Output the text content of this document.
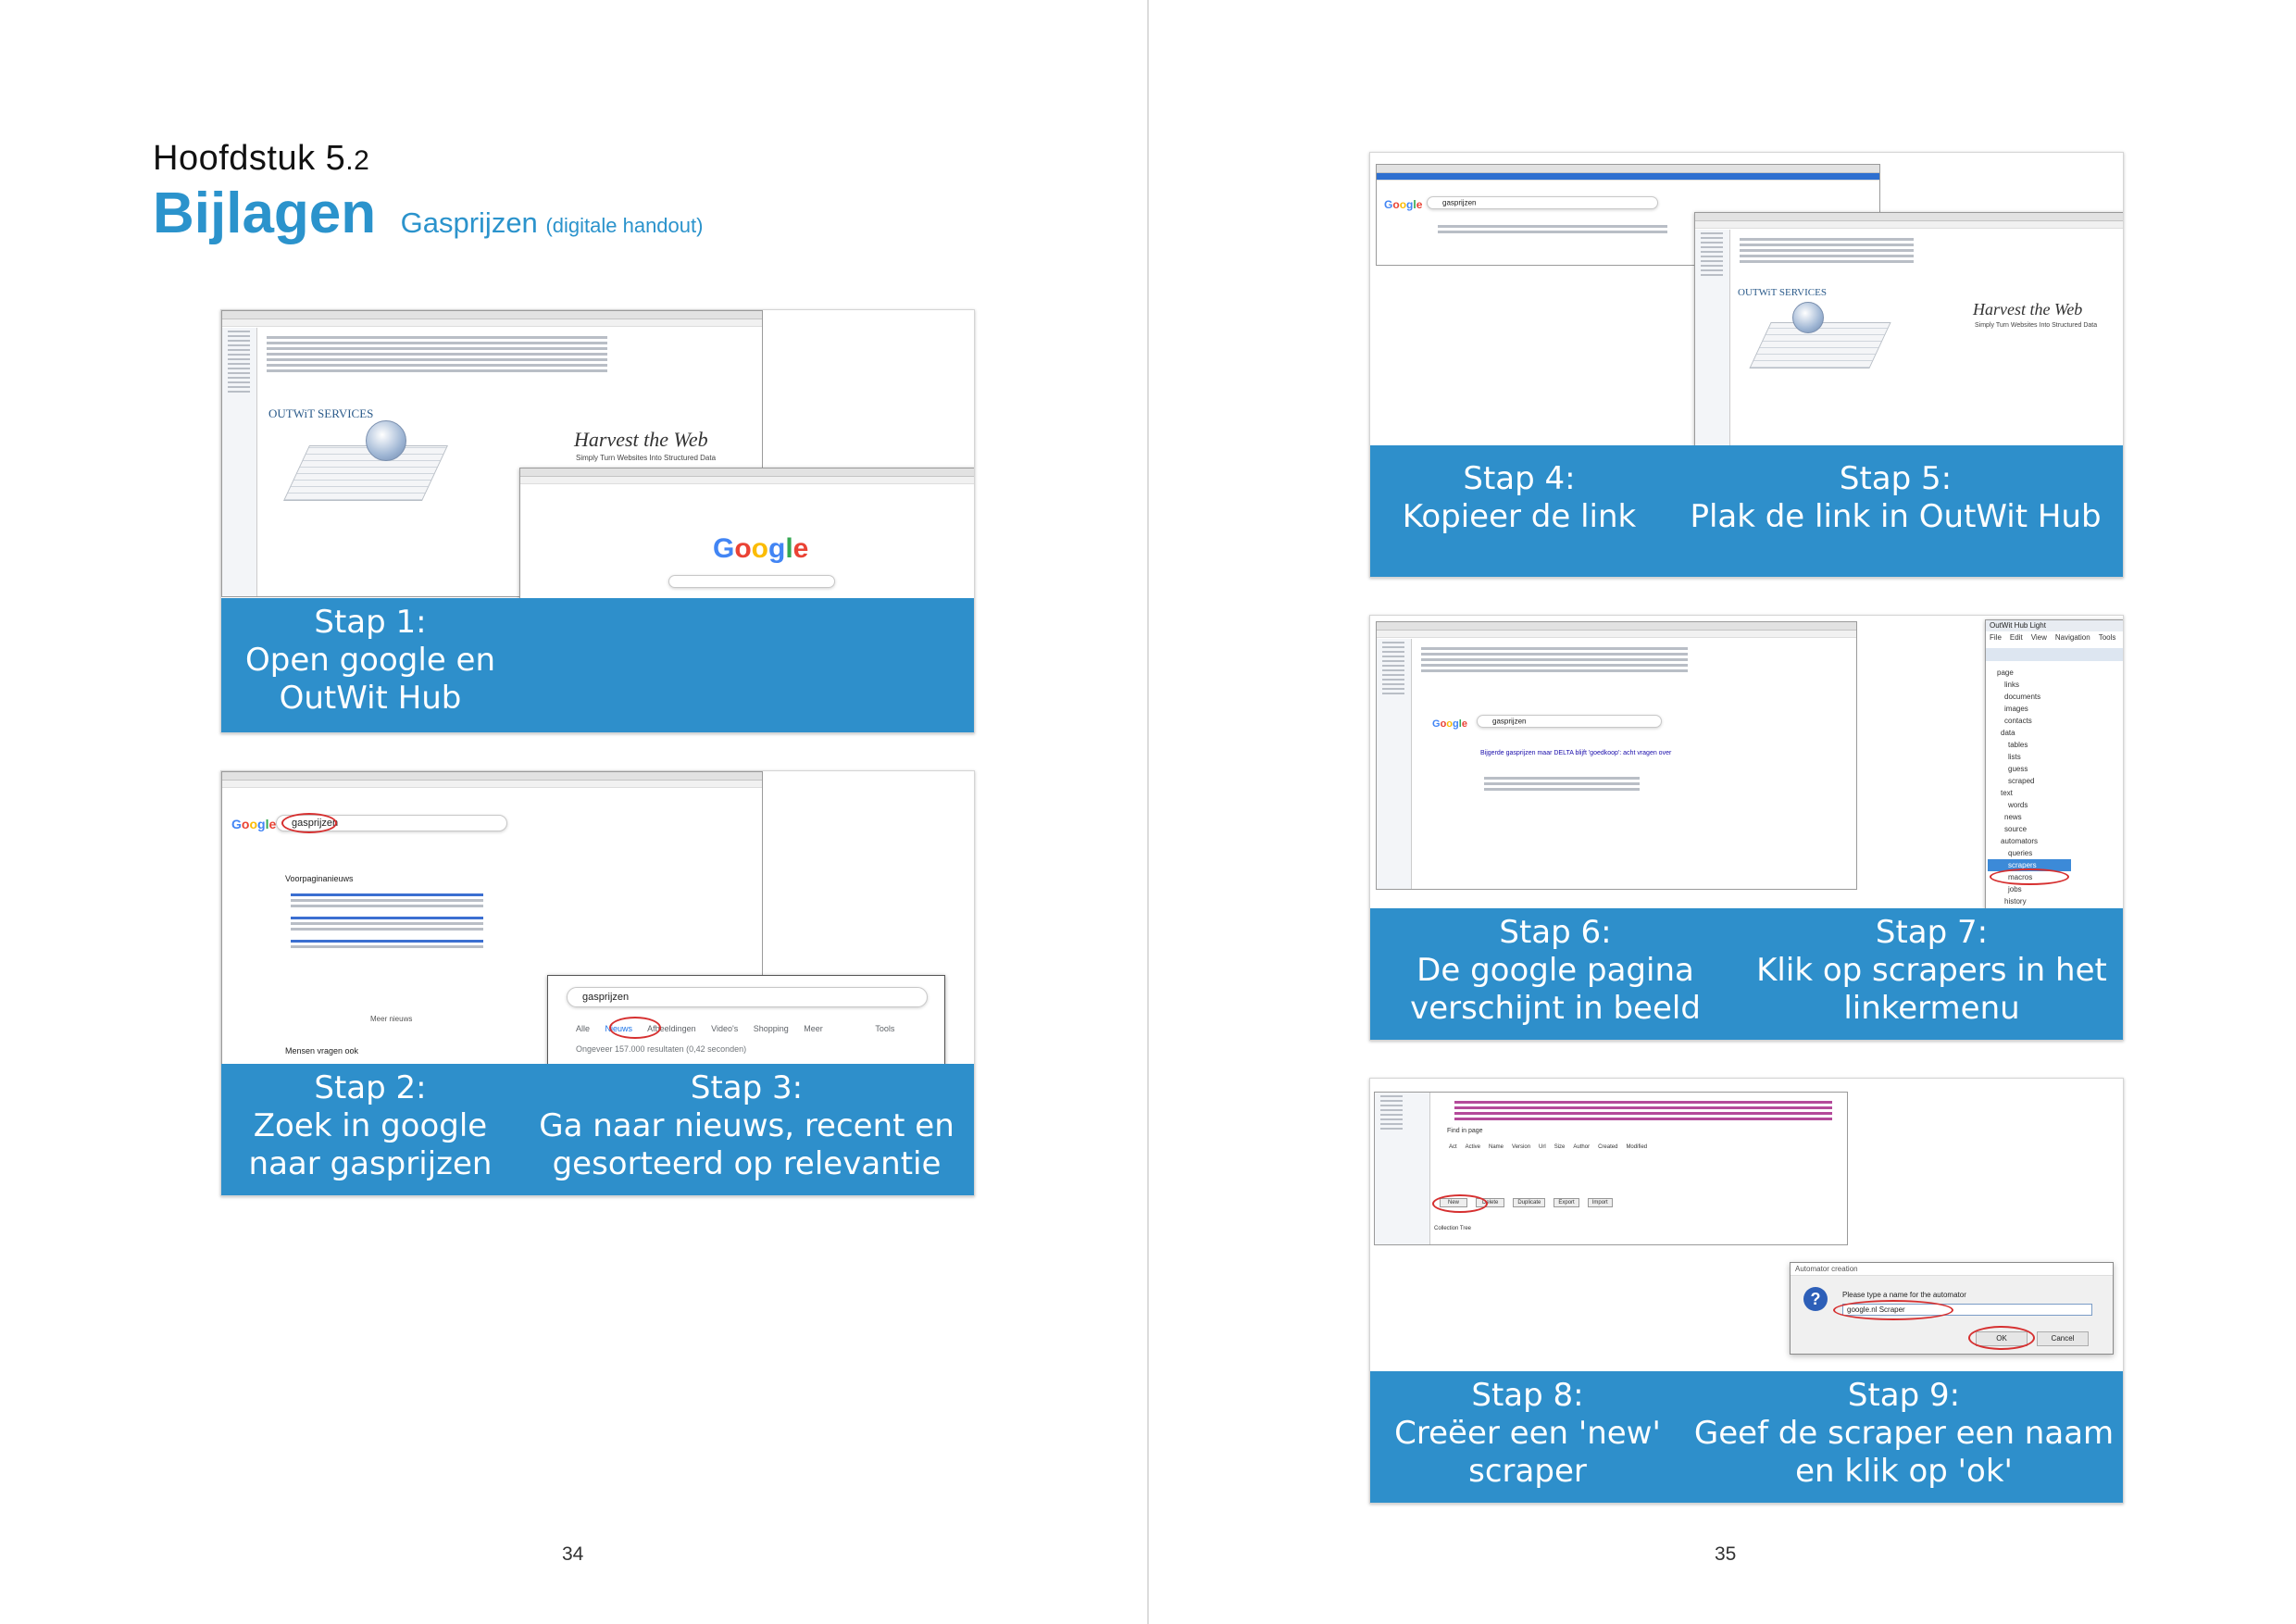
Hoofdstuk 5.2
Bijlagen Gasprijzen (digitale handout)
OUTWiT SERVICES
Harvest the Web
Simply Turn Websites Into Structured Data
Google
Stap 1:
Open google en
OutWit Hub
Google gasprijzen
Voorpaginanieuws
Meer nieuws
Mensen vragen ook
gasprijzen
Alle Nieuws Afbeeldingen Video's Shopping Meer	Tools
Ongeveer 157.000 resultaten (0,42 seconden)
Stap 2:
Zoek in google
naar gasprijzen
Stap 3:
Ga naar nieuws, recent en
gesorteerd op relevantie
34
Google	gasprijzen
OUTWiT SERVICES
Harvest the Web
Simply Turn Websites Into Structured Data
Stap 4:
Kopieer de link
Stap 5:
Plak de link in OutWit Hub
Google	gasprijzen
Bijgerde gasprijzen maar DELTA blijft 'goedkoop': acht vragen over
OutWit Hub Light
File Edit View Navigation Tools
page
links
documents
images
contacts
data
tables
lists
guess
scraped
text
words
news
source
automators
queries
scrapers
macros
jobs
history
Stap 6:
De google pagina
verschijnt in beeld
Stap 7:
Klik op scrapers in het
linkermenu
Find in page
Act Active Name Version Url Size Author Created Modified
New	Delete	Duplicate	Export	Import
Collection Tree
Automator creation
?	Please type a name for the automator
google.nl Scraper
OK	Cancel
Stap 8:
Creëer een 'new'
scraper
Stap 9:
Geef de scraper een naam
en klik op 'ok'
35
